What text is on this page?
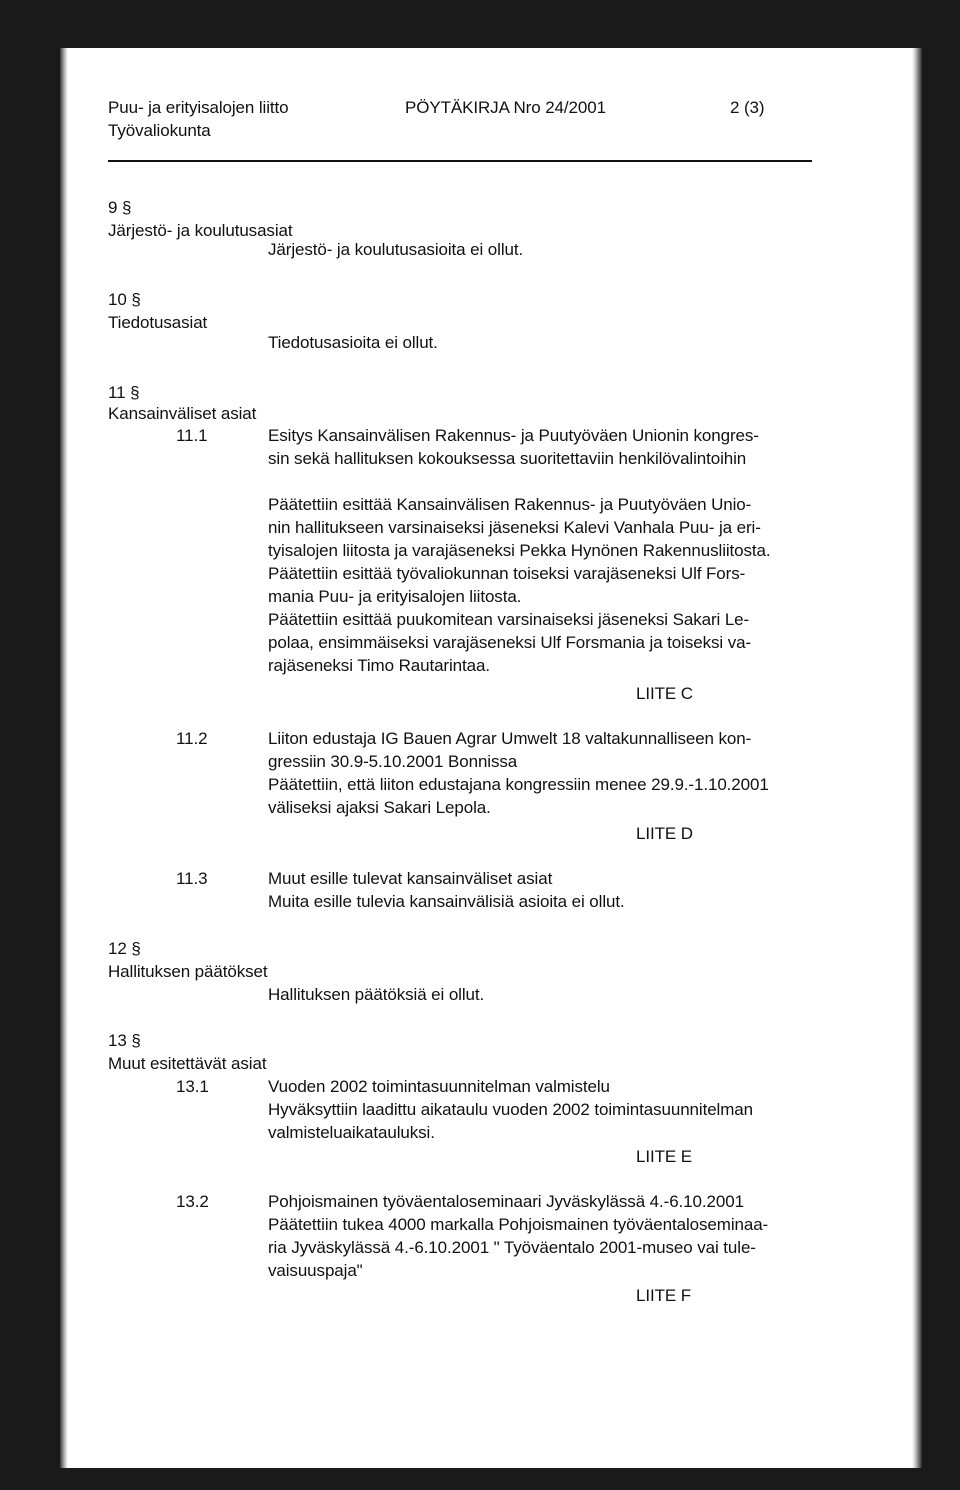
Puu- ja erityisalojen liitto
Työvaliokunta
PÖYTÄKIRJA Nro 24/2001	2 (3)
9 §
Järjestö- ja koulutusasiat
Järjestö- ja koulutusasioita ei ollut.
10 §
Tiedotusasiat
Tiedotusasioita ei ollut.
11 §
Kansainväliset asiat
11.1	Esitys Kansainvälisen Rakennus- ja Puutyöväen Unionin kongres-
sin sekä hallituksen kokouksessa suoritettaviin henkilövalintoihin
Päätettiin esittää Kansainvälisen Rakennus- ja Puutyöväen Unio-
nin hallitukseen varsinaiseksi jäseneksi Kalevi Vanhala Puu- ja eri-
tyisalojen liitosta ja varajäseneksi Pekka Hynönen Rakennusliitosta.
Päätettiin esittää työvaliokunnan toiseksi varajäseneksi Ulf Fors-
mania Puu- ja erityisalojen liitosta.
Päätettiin esittää puukomitean varsinaiseksi jäseneksi Sakari Le-
polaa, ensimmäiseksi varajäseneksi Ulf Forsmania ja toiseksi va-
rajäseneksi Timo Rautarintaa.
LIITE C
11.2	Liiton edustaja IG Bauen Agrar Umwelt 18 valtakunnalliseen kon-
gressiin 30.9-5.10.2001 Bonnissa
Päätettiin, että liiton edustajana kongressiin menee 29.9.-1.10.2001
väliseksi ajaksi Sakari Lepola.
LIITE D
11.3	Muut esille tulevat kansainväliset asiat
Muita esille tulevia kansainvälisiä asioita ei ollut.
12 §
Hallituksen päätökset
Hallituksen päätöksiä ei ollut.
13 §
Muut esitettävät asiat
13.1	Vuoden 2002 toimintasuunnitelman valmistelu
Hyväksyttiin laadittu aikataulu vuoden 2002 toimintasuunnitelman
valmisteluaikatauluksi.
LIITE E
13.2	Pohjoismainen työväentaloseminaari Jyväskylässä 4.-6.10.2001
Päätettiin tukea 4000 markalla Pohjoismainen työväentaloseminaa-
ria Jyväskylässä 4.-6.10.2001 " Työväentalo 2001-museo vai tule-
vaisuuspaja"
LIITE F
